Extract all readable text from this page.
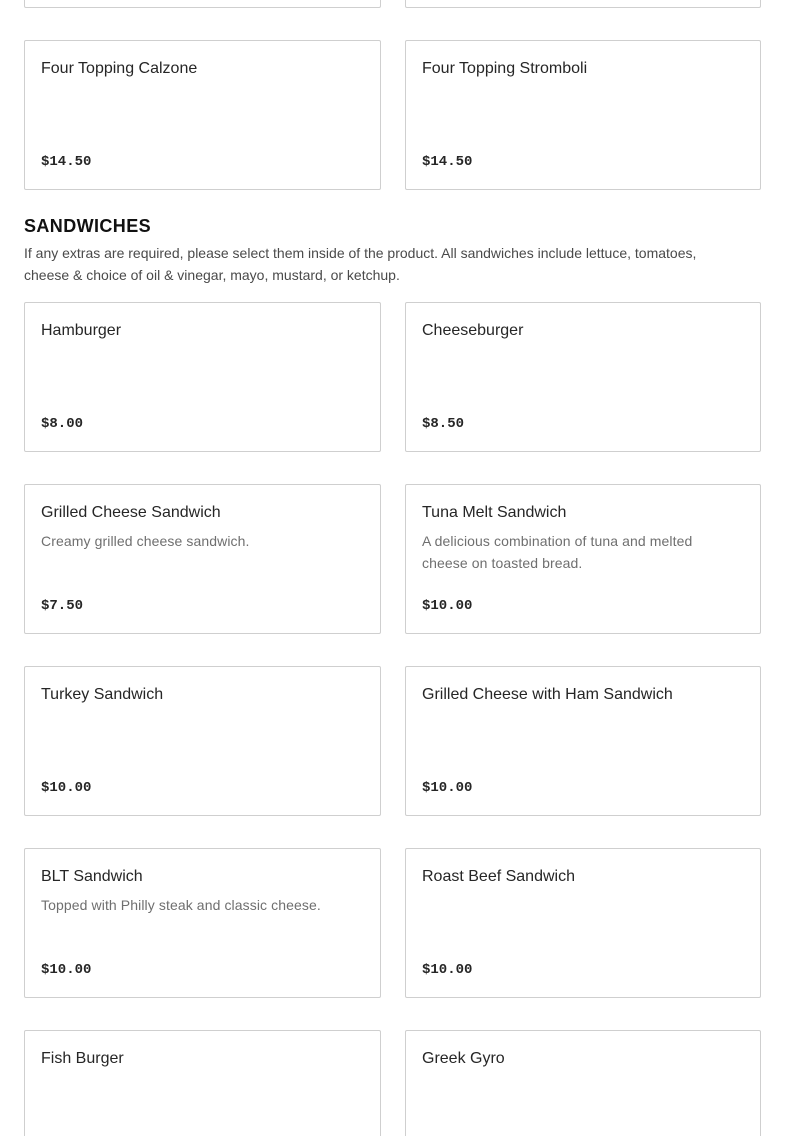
Four Topping Calzone
$14.50
Four Topping Stromboli
$14.50
SANDWICHES

If any extras are required, please select them inside of the product. All sandwiches include lettuce, tomatoes, cheese & choice of oil & vinegar, mayo, mustard, or ketchup.

Hamburger
$8.00
Cheeseburger
$8.50
Grilled Cheese Sandwich

Creamy grilled cheese sandwich.

$7.50
Tuna Melt Sandwich

A delicious combination of tuna and melted cheese on toasted bread.

$10.00
Turkey Sandwich
$10.00
Grilled Cheese with Ham Sandwich
$10.00
BLT Sandwich

Topped with Philly steak and classic cheese.

$10.00
Roast Beef Sandwich
$10.00
Fish Burger	Greek Gyro
